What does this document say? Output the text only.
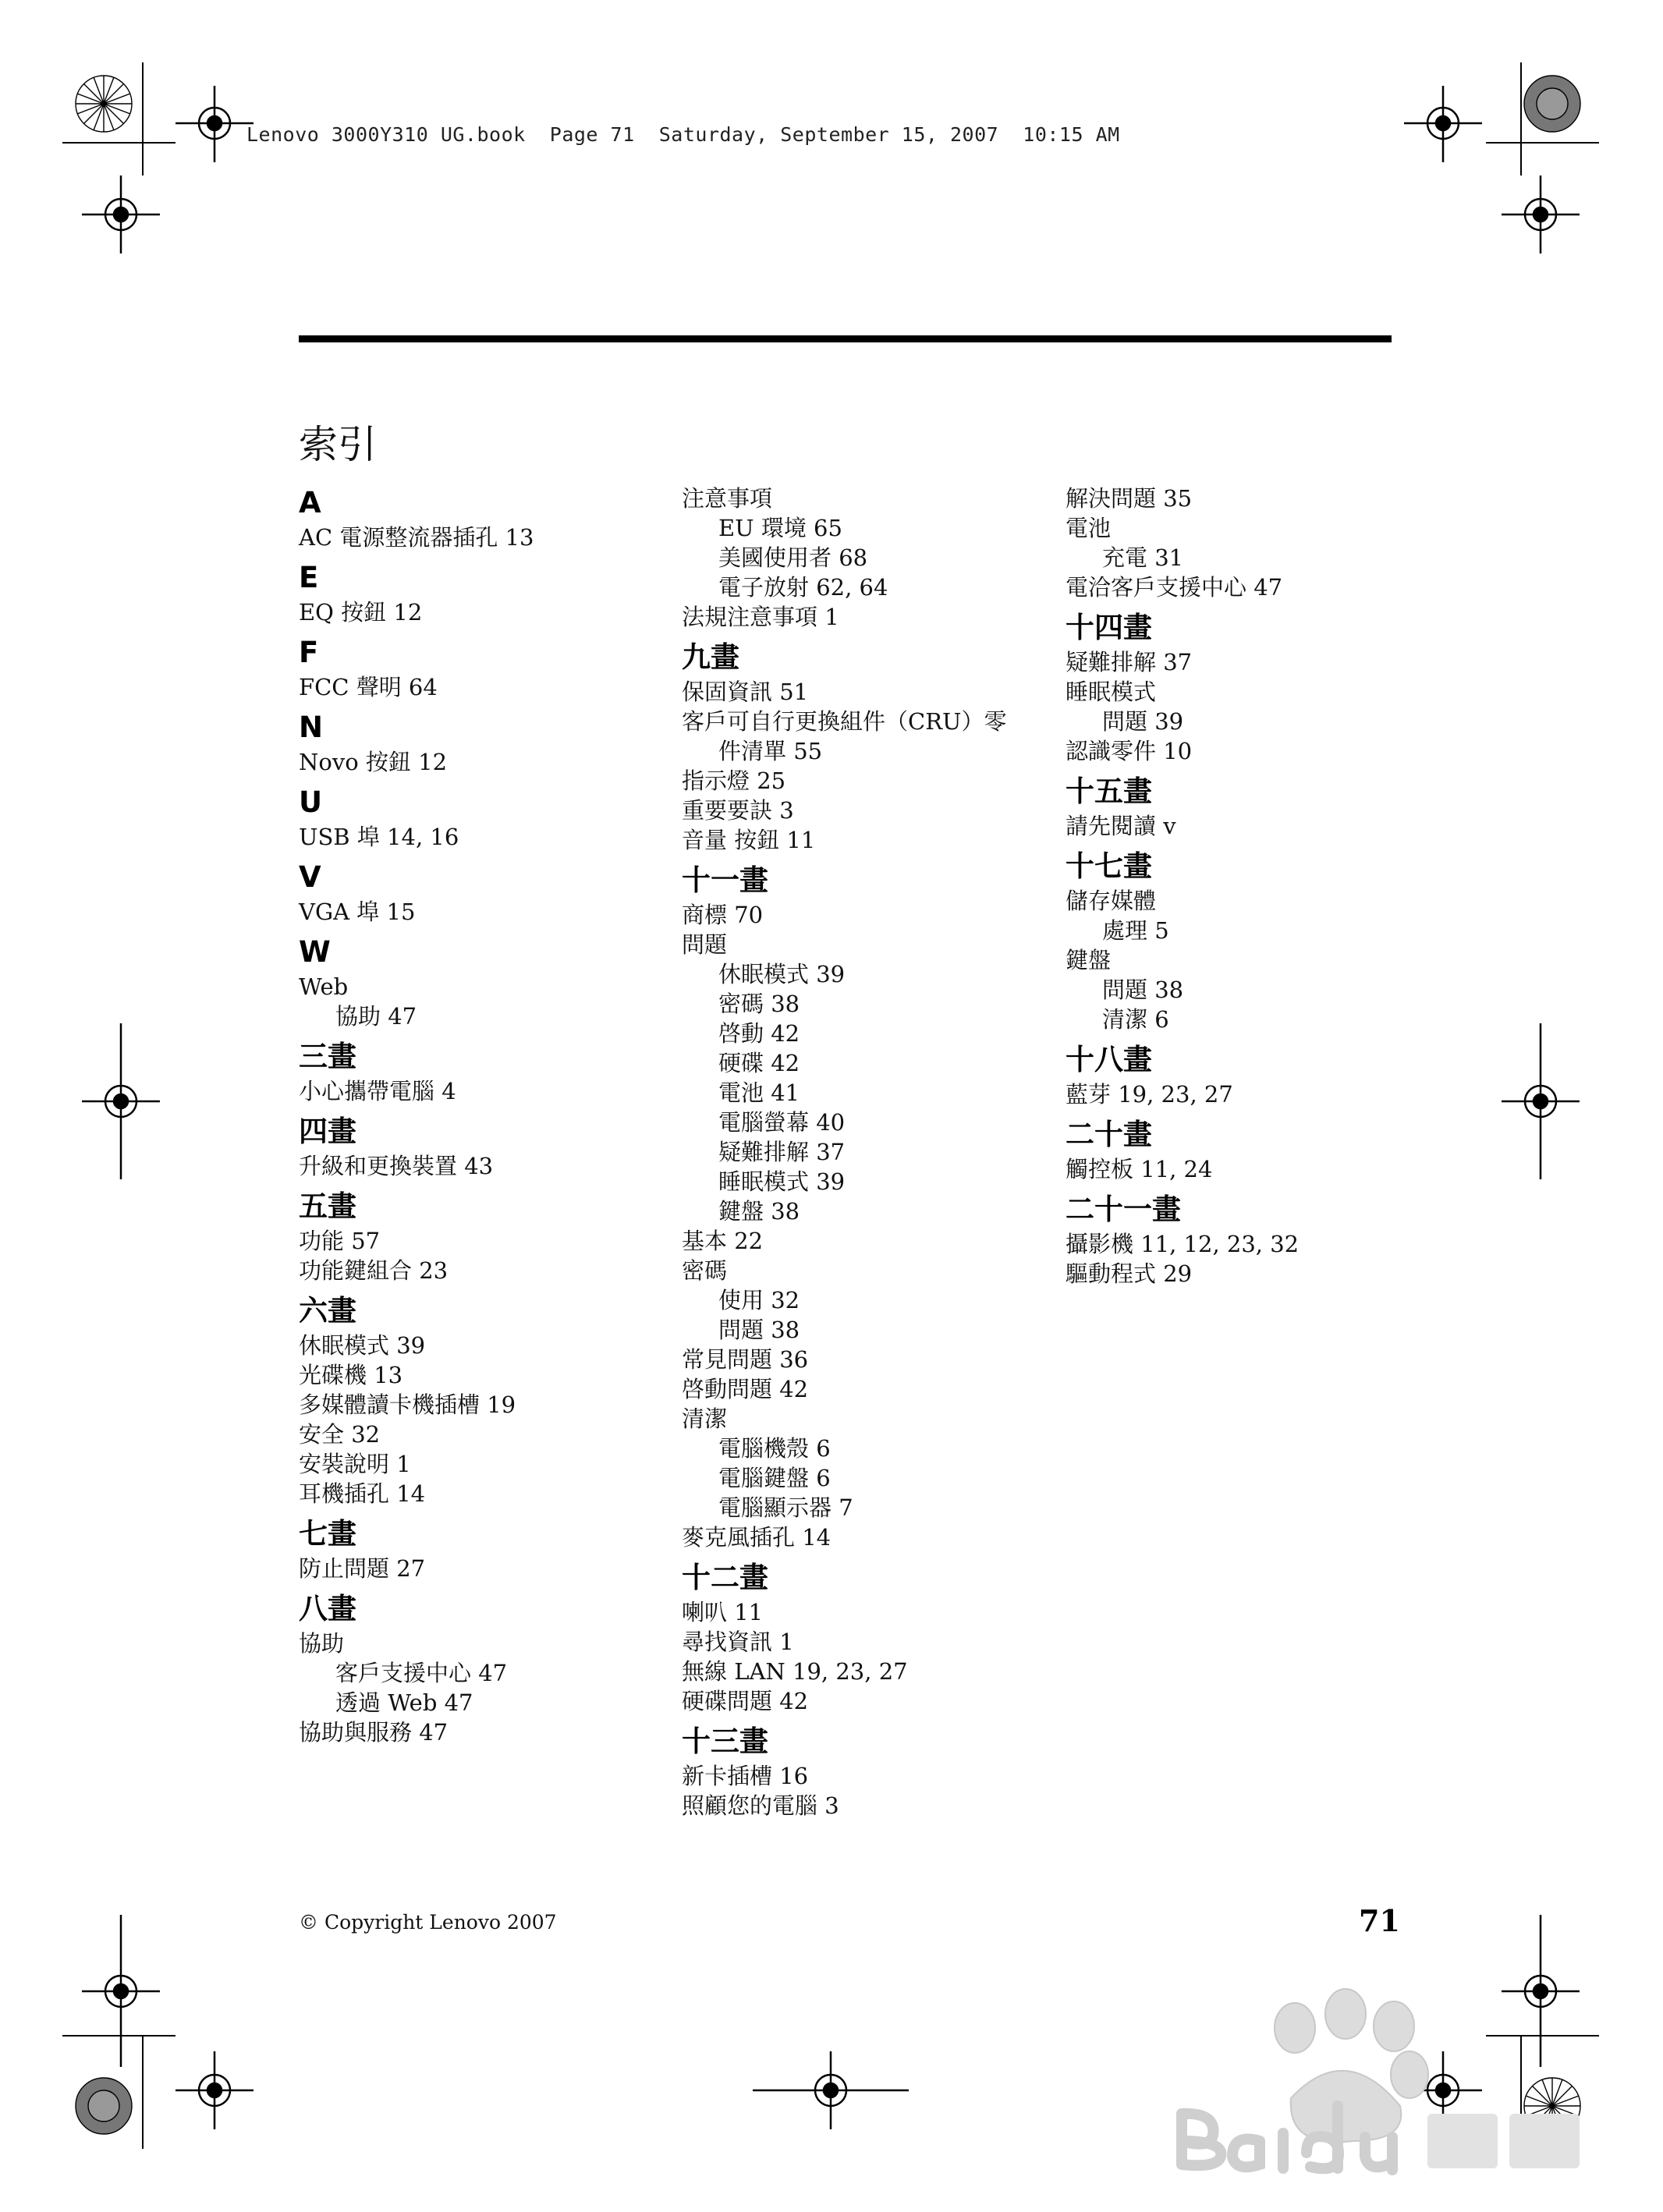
Lenovo 3000Y310 UG.book  Page 71  Saturday, September 15, 2007  10:15 AM
索引
A
AC 電源整流器插孔 13
E
EQ 按鈕 12
F
FCC 聲明 64
N
Novo 按鈕 12
U
USB 埠 14, 16
V
VGA 埠 15
W
Web
協助 47
三畫
小心攜帶電腦 4
四畫
升級和更換裝置 43
五畫
功能 57
功能鍵組合 23
六畫
休眠模式 39
光碟機 13
多媒體讀卡機插槽 19
安全 32
安裝說明 1
耳機插孔 14
七畫
防止問題 27
八畫
協助
客戶支援中心 47
透過 Web 47
協助與服務 47
注意事項
EU 環境 65
美國使用者 68
電子放射 62, 64
法規注意事項 1
九畫
保固資訊 51
客戶可自行更換組件（CRU）零
件清單 55
指示燈 25
重要要訣 3
音量 按鈕 11
十一畫
商標 70
問題
休眠模式 39
密碼 38
啓動 42
硬碟 42
電池 41
電腦螢幕 40
疑難排解 37
睡眠模式 39
鍵盤 38
基本 22
密碼
使用 32
問題 38
常見問題 36
啓動問題 42
清潔
電腦機殼 6
電腦鍵盤 6
電腦顯示器 7
麥克風插孔 14
十二畫
喇叭 11
尋找資訊 1
無線 LAN 19, 23, 27
硬碟問題 42
十三畫
新卡插槽 16
照顧您的電腦 3
解決問題 35
電池
充電 31
電洽客戶支援中心 47
十四畫
疑難排解 37
睡眠模式
問題 39
認識零件 10
十五畫
請先閱讀 v
十七畫
儲存媒體
處理 5
鍵盤
問題 38
清潔 6
十八畫
藍芽 19, 23, 27
二十畫
觸控板 11, 24
二十一畫
攝影機 11, 12, 23, 32
驅動程式 29
© Copyright Lenovo 2007	71
